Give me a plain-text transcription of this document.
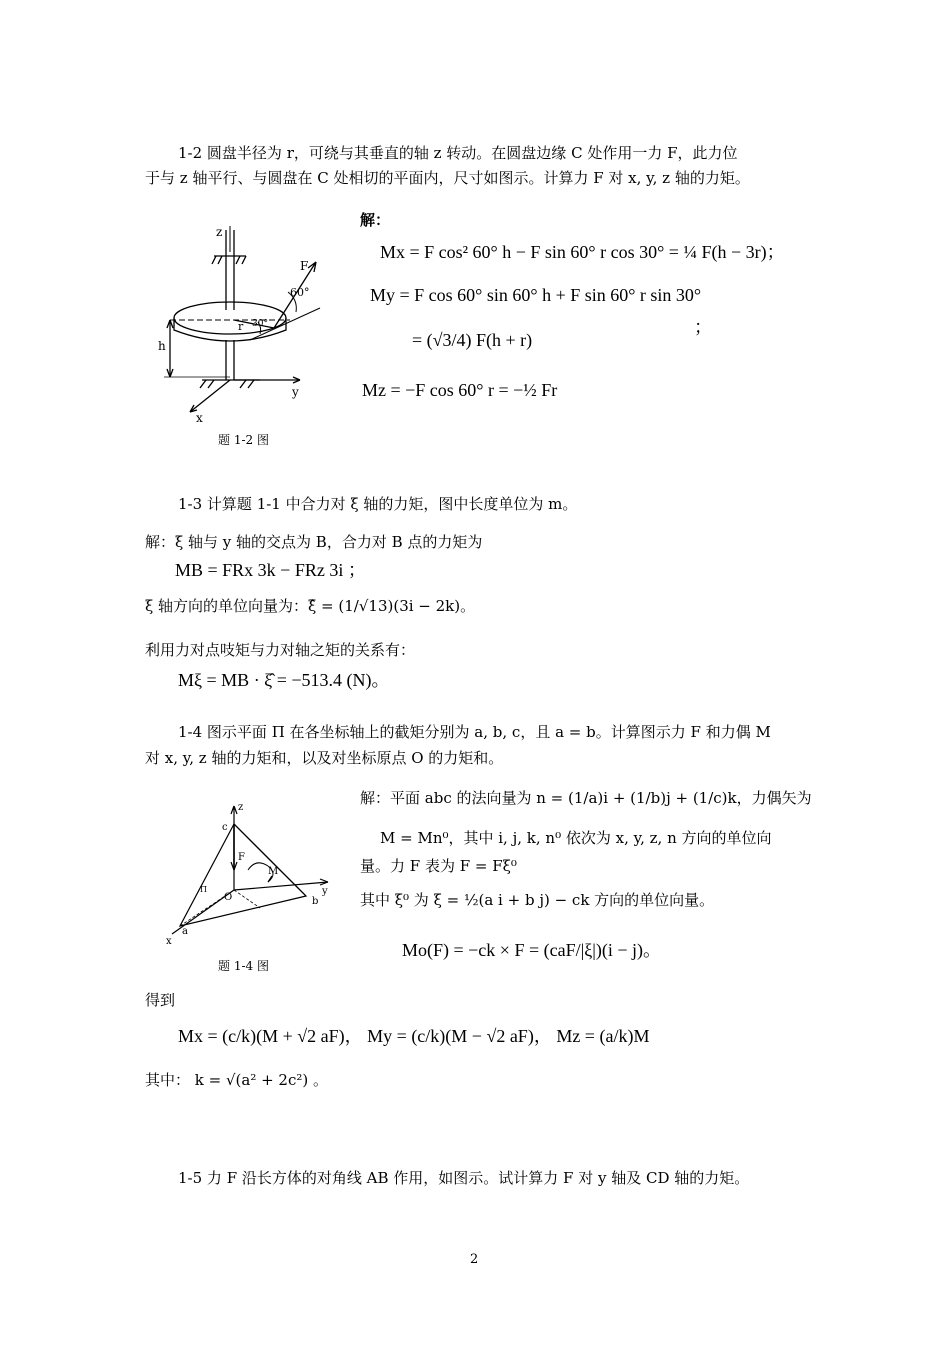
1-2 圆盘半径为 r，可绕与其垂直的轴 z 转动。在圆盘边缘 C 处作用一力 F，此力位
于与 z 轴平行、与圆盘在 C 处相切的平面内，尺寸如图示。计算力 F 对 x, y, z 轴的力矩。
z
F
60°
r 30°
h
y
x
题 1-2 图
解：
Mx = F cos² 60° h − F sin 60° r cos 30° = ¼ F(h − 3r)；
My = F cos 60° sin 60° h + F sin 60° r sin 30°
= (√3/4) F(h + r)
；
Mz = −F cos 60° r = −½ Fr
1-3 计算题 1-1 中合力对 ξ 轴的力矩，图中长度单位为 m。
解：ξ 轴与 y 轴的交点为 B，合力对 B 点的力矩为
MB = FRx 3k − FRz 3i ；
ξ 轴方向的单位向量为：ξ̂ = (1/√13)(3i − 2k)。
利用力对点吱矩与力对轴之矩的关系有：
Mξ = MB · ξ̂ = −513.4 (N)。
1-4 图示平面 Π 在各坐标轴上的截矩分别为 a, b, c，且 a = b。计算图示力 F 和力偶 M
对 x, y, z 轴的力矩和，以及对坐标原点 O 的力矩和。
z
c
F
M
O
Π
b
y
a
x
题 1-4 图
解：平面 abc 的法向量为 n = (1/a)i + (1/b)j + (1/c)k，力偶矢为
M = Mn⁰，其中 i, j, k, n⁰ 依次为 x, y, z, n 方向的单位向
量。力 F 表为 F = Fξ⁰
其中 ξ⁰ 为 ξ = ½(a i + b j) − ck 方向的单位向量。
Mo(F) = −ck × F = (caF/|ξ|)(i − j)。
得到
Mx = (c/k)(M + √2 aF)， My = (c/k)(M − √2 aF)， Mz = (a/k)M
其中： k = √(a² + 2c²) 。
1-5 力 F 沿长方体的对角线 AB 作用，如图示。试计算力 F 对 y 轴及 CD 轴的力矩。
2
